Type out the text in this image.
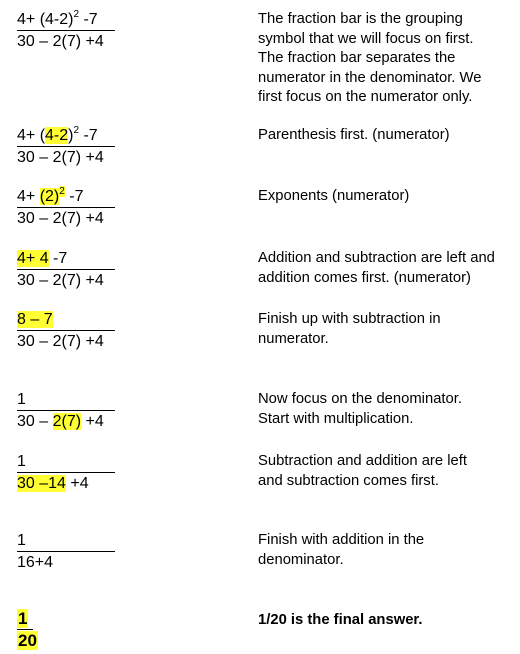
$4+ (4-2)^2$ -7
30 – 2(7) +4
The fraction bar is the grouping
symbol that we will focus on first.
The fraction bar separates the
numerator in the denominator. We
first focus on the numerator only.
$4+ (4-2)^2$ -7
30 – 2(7) +4
Parenthesis first. (numerator)
$4+ (2)^2$ -7
30 – 2(7) +4
Exponents (numerator)
4+ 4 -7
30 – 2(7) +4
Addition and subtraction are left and
addition comes first. (numerator)
8 – 7
30 – 2(7) +4
Finish up with subtraction in
numerator.
1
30 – 2(7) +4
Now focus on the denominator.
Start with multiplication.
1
30 –14 +4
Subtraction and addition are left
and subtraction comes first.
1
16+4
Finish with addition in the
denominator.
1
20
1/20 is the final answer.
